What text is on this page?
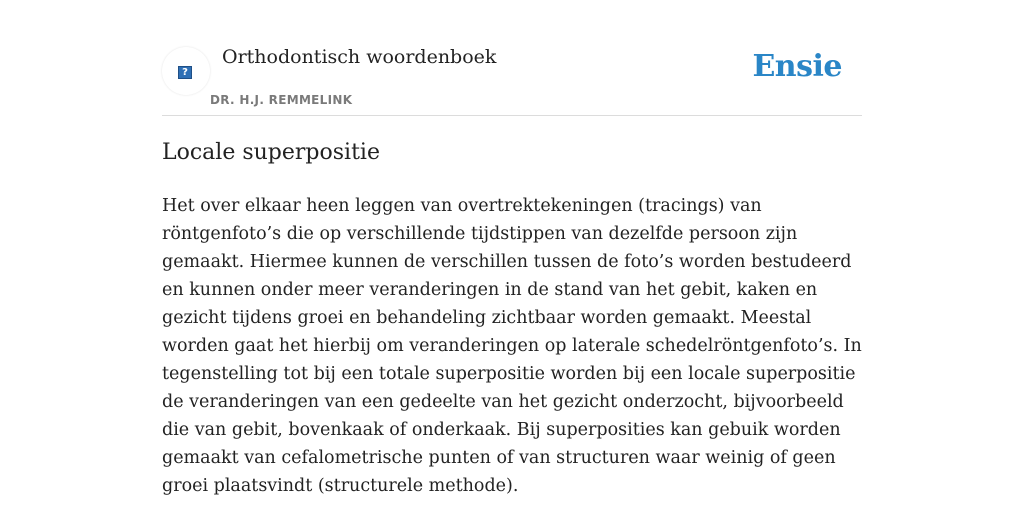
?
Orthodontisch woordenboek
DR. H.J. REMMELINK
Ensie
Locale superpositie

Het over elkaar heen leggen van overtrektekeningen (tracings) van röntgenfoto’s die op verschillende tijdstippen van dezelfde persoon zijn gemaakt. Hiermee kunnen de verschillen tussen de foto’s worden bestudeerd en kunnen onder meer veranderingen in de stand van het gebit, kaken en gezicht tijdens groei en behandeling zichtbaar worden gemaakt. Meestal worden gaat het hierbij om veranderingen op laterale schedelröntgenfoto’s. In tegenstelling tot bij een totale superpositie worden bij een locale superpositie de veranderingen van een gedeelte van het gezicht onderzocht, bijvoorbeeld die van gebit, bovenkaak of onderkaak. Bij superposities kan gebuik worden gemaakt van cefalometrische punten of van structuren waar weinig of geen groei plaatsvindt (structurele methode).
